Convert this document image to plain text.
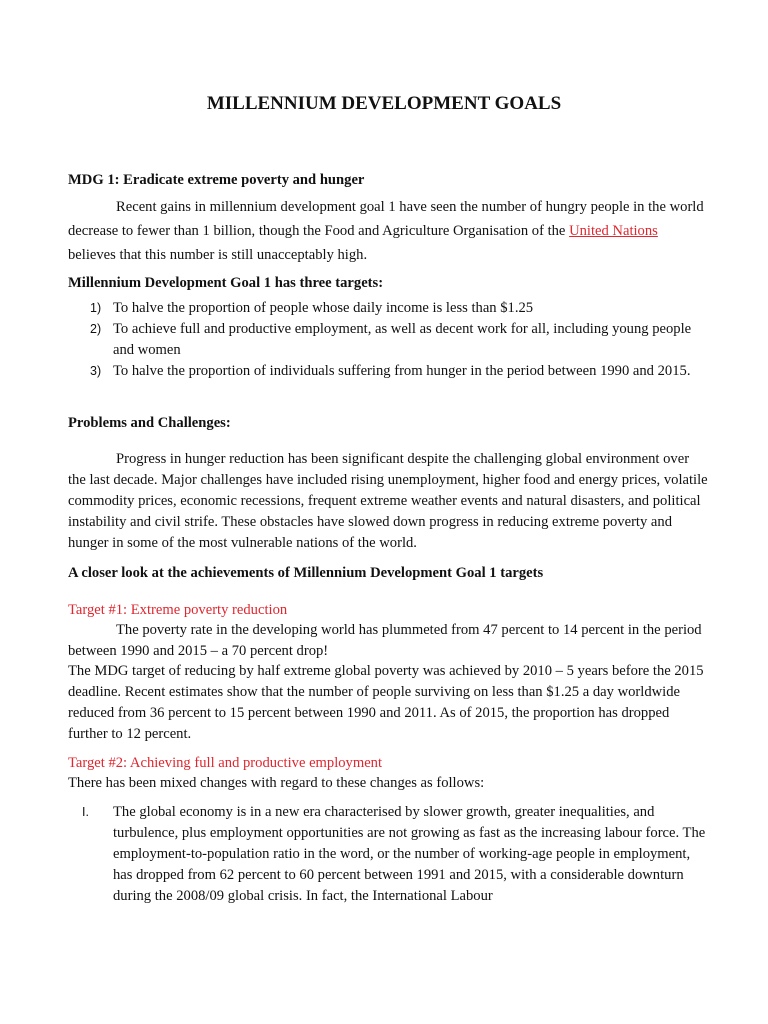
MILLENNIUM DEVELOPMENT GOALS

MDG 1: Eradicate extreme poverty and hunger

Recent gains in millennium development goal 1 have seen the number of hungry people in the world decrease to fewer than 1 billion, though the Food and Agriculture Organisation of the United Nations believes that this number is still unacceptably high.

Millennium Development Goal 1 has three targets:

1) To halve the proportion of people whose daily income is less than $1.25
2) To achieve full and productive employment, as well as decent work for all, including young people and women
3) To halve the proportion of individuals suffering from hunger in the period between 1990 and 2015.

Problems and Challenges:

Progress in hunger reduction has been significant despite the challenging global environment over the last decade. Major challenges have included rising unemployment, higher food and energy prices, volatile commodity prices, economic recessions, frequent extreme weather events and natural disasters, and political instability and civil strife. These obstacles have slowed down progress in reducing extreme poverty and hunger in some of the most vulnerable nations of the world.

A closer look at the achievements of Millennium Development Goal 1 targets

Target #1: Extreme poverty reduction

The poverty rate in the developing world has plummeted from 47 percent to 14 percent in the period between 1990 and 2015 – a 70 percent drop!

The MDG target of reducing by half extreme global poverty was achieved by 2010 – 5 years before the 2015 deadline. Recent estimates show that the number of people surviving on less than $1.25 a day worldwide reduced from 36 percent to 15 percent between 1990 and 2011. As of 2015, the proportion has dropped further to 12 percent.

Target #2: Achieving full and productive employment

There has been mixed changes with regard to these changes as follows:

I. The global economy is in a new era characterised by slower growth, greater inequalities, and turbulence, plus employment opportunities are not growing as fast as the increasing labour force. The employment-to-population ratio in the word, or the number of working-age people in employment, has dropped from 62 percent to 60 percent between 1991 and 2015, with a considerable downturn during the 2008/09 global crisis. In fact, the International Labour
